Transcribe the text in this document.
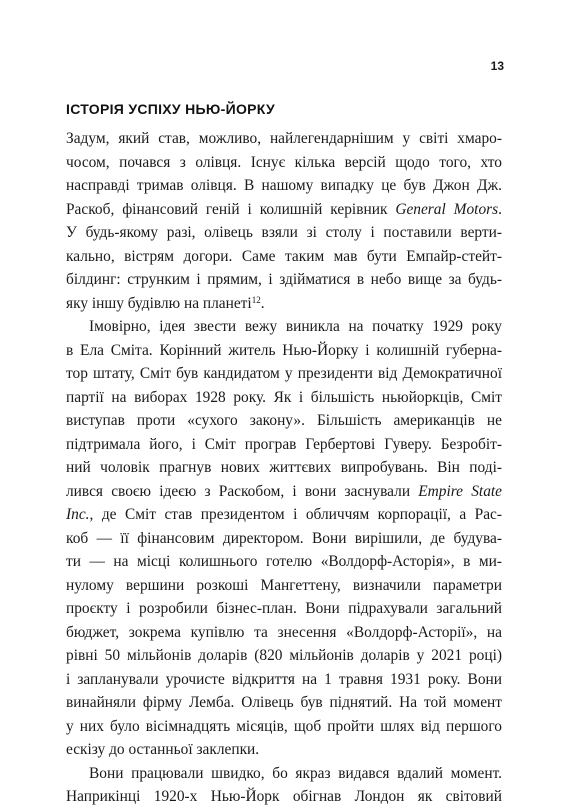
13
ІСТОРІЯ УСПІХУ НЬЮ-ЙОРКУ

Задум, який став, можливо, найлегендарнішим у світі хмаро-
чосом, почався з олівця. Існує кілька версій щодо того, хто
насправді тримав олівця. В нашому випадку це був Джон Дж.
Раскоб, фінансовий геній і колишній керівник General Motors.
У будь-якому разі, олівець взяли зі столу і поставили верти-
кально, вістрям догори. Саме таким мав бути Емпайр-стейт-
білдинг: струнким і прямим, і здійматися в небо вище за будь-
яку іншу будівлю на планеті$^{12}$.

Імовірно, ідея звести вежу виникла на початку 1929 року
в Ела Сміта. Корінний житель Нью-Йорку і колишній губерна-
тор штату, Сміт був кандидатом у президенти від Демократичної
партії на виборах 1928 року. Як і більшість ньюйоркців, Сміт
виступав проти «сухого закону». Більшість американців не
підтримала його, і Сміт програв Гербертові Гуверу. Безробіт-
ний чоловік прагнув нових життєвих випробувань. Він поді-
лився своєю ідеєю з Раскобом, і вони заснували Empire State
Inc., де Сміт став президентом і обличчям корпорації, а Рас-
коб — її фінансовим директором. Вони вирішили, де будува-
ти — на місці колишнього готелю «Волдорф-Асторія», в ми-
нулому вершини розкоші Мангеттену, визначили параметри
проєкту і розробили бізнес-план. Вони підрахували загальний
бюджет, зокрема купівлю та знесення «Волдорф-Асторії», на
рівні 50 мільйонів доларів (820 мільйонів доларів у 2021 році)
і запланували урочисте відкриття на 1 травня 1931 року. Вони
винайняли фірму Лемба. Олівець був піднятий. На той момент
у них було вісімнадцять місяців, щоб пройти шлях від першого
ескізу до останньої заклепки.

Вони працювали швидко, бо якраз видався вдалий момент.
Наприкінці 1920-х Нью-Йорк обігнав Лондон як світовий
